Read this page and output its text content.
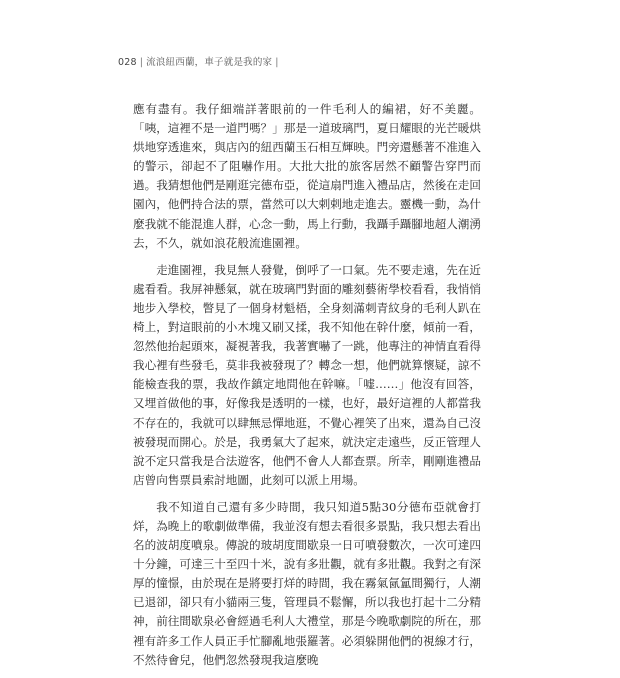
028 | 流浪紐西蘭，車子就是我的家 |

應有盡有。我仔細端詳著眼前的一件毛利人的編裙，好不美麗。「咦，這裡不是一道門嗎？」那是一道玻璃門，夏日耀眼的光芒暖烘烘地穿透進來，與店內的紐西蘭玉石相互輝映。門旁還懸著不准進入的警示，卻起不了阻嚇作用。大批大批的旅客居然不顧警告穿門而過。我猜想他們是剛逛完德布亞，從這扇門進入禮品店，然後在走回園內，他們持合法的票，當然可以大剌剌地走進去。靈機一動，為什麼我就不能混進人群，心念一動，馬上行動，我躡手躡腳地超人潮湧去，不久，就如浪花般流進園裡。

走進園裡，我見無人發覺，倒呼了一口氣。先不要走遠，先在近處看看。我屏神懸氣，就在玻璃門對面的雕刻藝術學校看看，我悄悄地步入學校，瞥見了一個身材魁梧，全身刻滿刺青紋身的毛利人趴在椅上，對這眼前的小木塊又刷又揉，我不知他在幹什麼，傾前一看，忽然他抬起頭來，凝視著我，我著實嚇了一跳，他專注的神情直看得我心裡有些發毛，莫非我被發現了？轉念一想，他們就算懷疑，諒不能檢查我的票，我故作鎮定地問他在幹嘛。「嘘……」他沒有回答，又埋首做他的事，好像我是透明的一樣，也好，最好這裡的人都當我不存在的，我就可以肆無忌憚地逛，不覺心裡笑了出來，還為自己沒被發現而開心。於是，我勇氣大了起來，就決定走遠些，反正管理人說不定只當我是合法遊客，他們不會人人都查票。所幸，剛剛進禮品店曾向售票員索討地圖，此刻可以派上用場。

我不知道自己還有多少時間，我只知道5點30分德布亞就會打烊，為晚上的歌劇做準備，我並沒有想去看很多景點，我只想去看出名的波胡度噴泉。傳說的玻胡度間歇泉一日可噴發數次，一次可達四十分鐘，可達三十至四十米，說有多壯觀，就有多壯觀。我對之有深厚的憧憬，由於現在是將要打烊的時間，我在霧氣氤氳間獨行，人潮已退卻，卻只有小貓兩三隻，管理員不鬆懈，所以我也打起十二分精神，前往間歇泉必會經過毛利人大禮堂，那是今晚歌劇院的所在，那裡有許多工作人員正手忙腳亂地張羅著。必須躲開他們的視線才行，不然待會兒，他們忽然發現我這麼晚
